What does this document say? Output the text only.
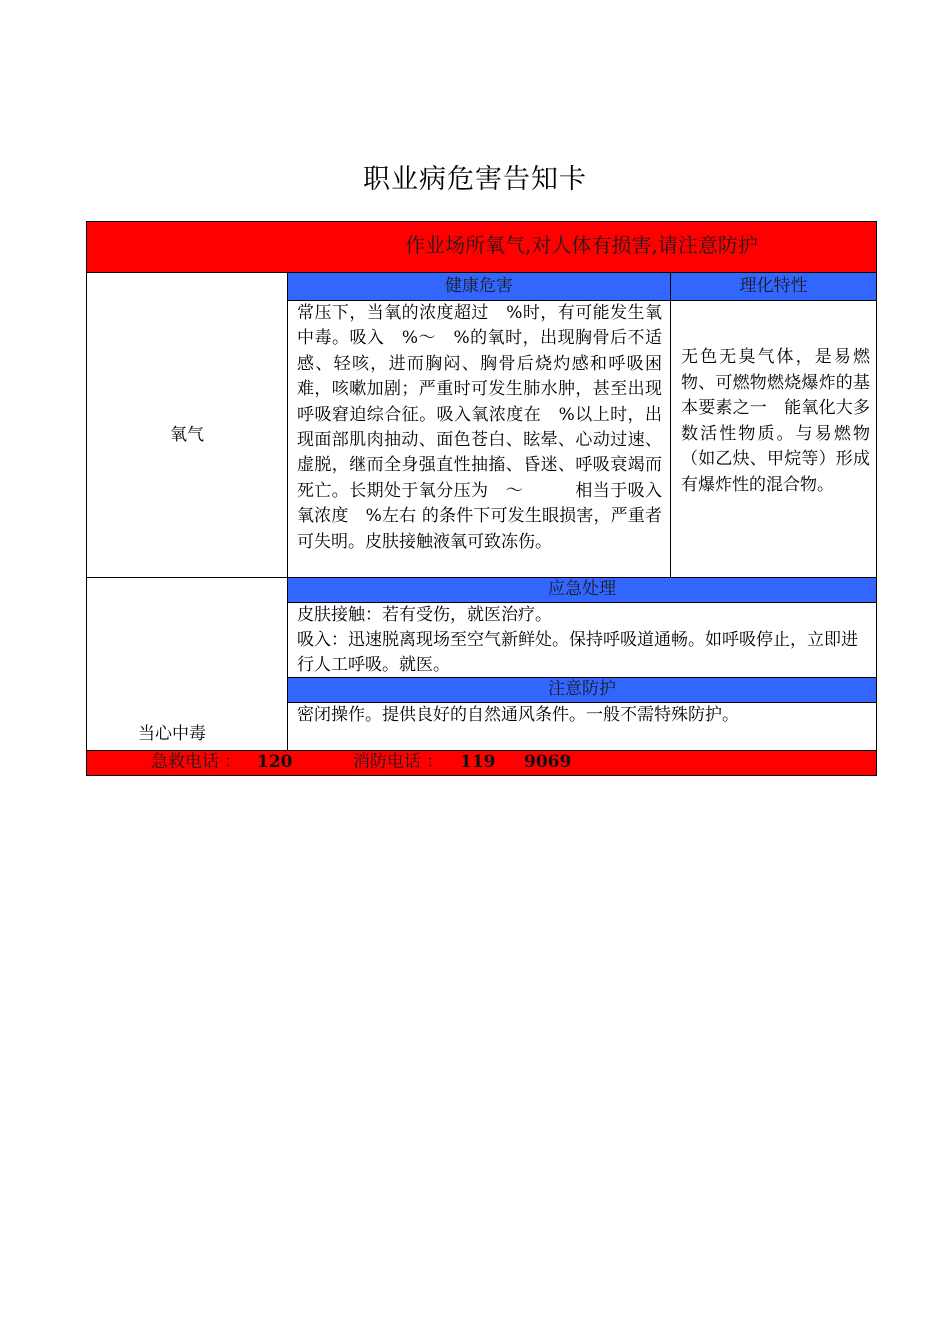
职业病危害告知卡
作业场所氧气,对人体有损害,请注意防护
氧气
健康危害	理化特性
常压下，当氧的浓度超过　%时，有可能发生氧中毒。吸入　%～　%的氧时，出现胸骨后不适感、轻咳，进而胸闷、胸骨后烧灼感和呼吸困难，咳嗽加剧；严重时可发生肺水肿，甚至出现呼吸窘迫综合征。吸入氧浓度在　%以上时，出现面部肌肉抽动、面色苍白、眩晕、心动过速、虚脱，继而全身强直性抽搐、昏迷、呼吸衰竭而死亡。长期处于氧分压为　～　　　相当于吸入氧浓度　%左右 的条件下可发生眼损害，严重者可失明。皮肤接触液氧可致冻伤。
无色无臭气体，是易燃物、可燃物燃烧爆炸的基本要素之一　能氧化大多数活性物质。与易燃物（如乙炔、甲烷等）形成有爆炸性的混合物。
当心中毒
应急处理

皮肤接触：若有受伤，就医治疗。

吸入：迅速脱离现场至空气新鲜处。保持呼吸道通畅。如呼吸停止，立即进行人工呼吸。就医。

注意防护

密闭操作。提供良好的自然通风条件。一般不需特殊防护。

急救电话 ： 120	消防电话 ： 119 9069
